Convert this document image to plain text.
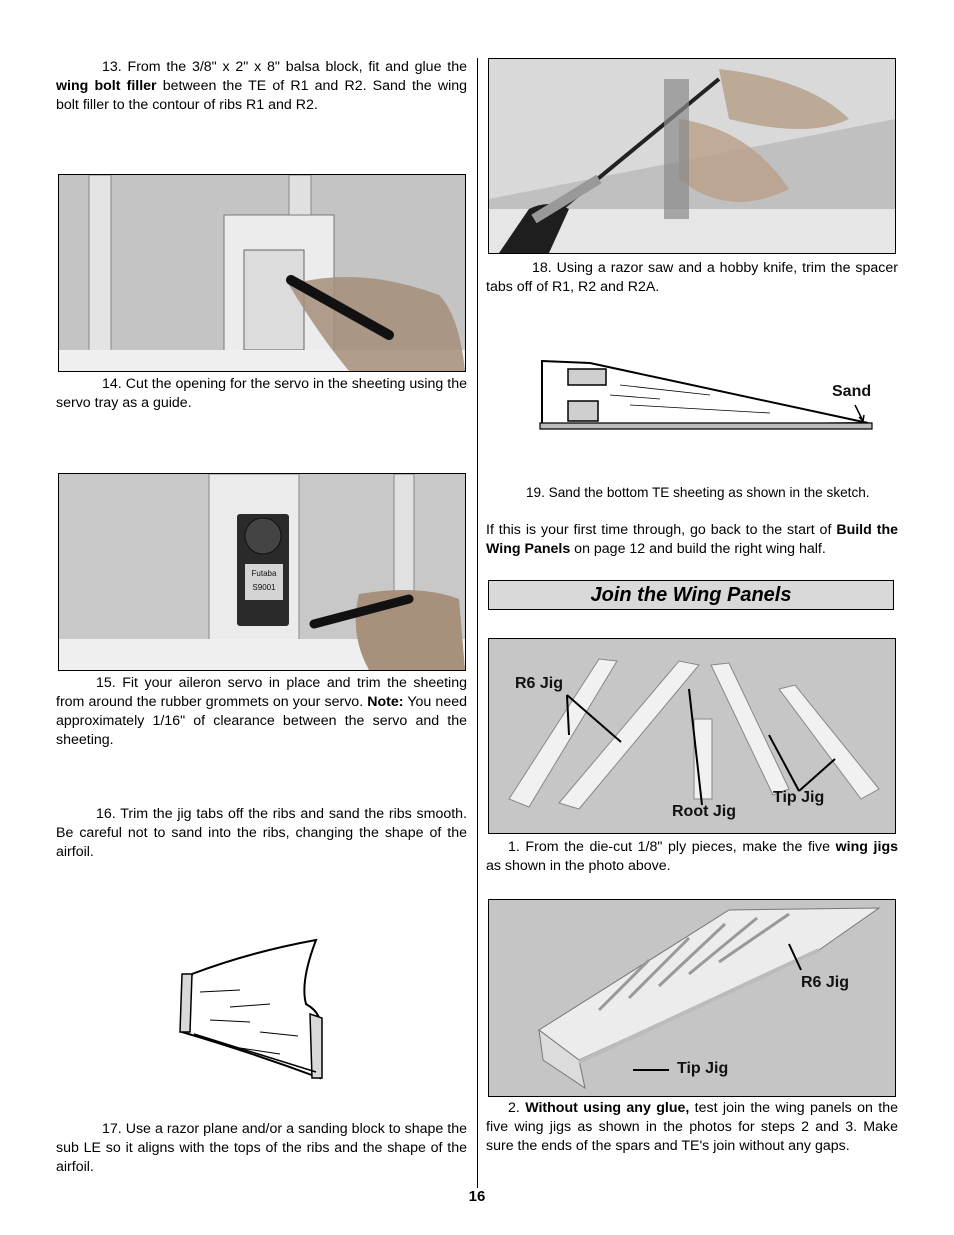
13. From the 3/8" x 2" x 8" balsa block, fit and glue the wing bolt filler between the TE of R1 and R2. Sand the wing bolt filler to the contour of ribs R1 and R2.

14. Cut the opening for the servo in the sheeting using the servo tray as a guide.

Futaba
S9001

15. Fit your aileron servo in place and trim the sheeting from around the rubber grommets on your servo. Note: You need approximately 1/16" of clearance between the servo and the sheeting.

16. Trim the jig tabs off the ribs and sand the ribs smooth. Be careful not to sand into the ribs, changing the shape of the airfoil.

17. Use a razor plane and/or a sanding block to shape the sub LE so it aligns with the tops of the ribs and the shape of the airfoil.

18. Using a razor saw and a hobby knife, trim the spacer tabs off of R1, R2 and R2A.

Sand

19. Sand the bottom TE sheeting as shown in the sketch.

If this is your first time through, go back to the start of Build the Wing Panels on page 12 and build the right wing half.

Join the Wing Panels
R6 Jig
Root Jig
Tip Jig

1. From the die-cut 1/8" ply pieces, make the five wing jigs as shown in the photo above.

R6 Jig
Tip Jig

2. Without using any glue, test join the wing panels on the five wing jigs as shown in the photos for steps 2 and 3. Make sure the ends of the spars and TE's join without any gaps.

16
